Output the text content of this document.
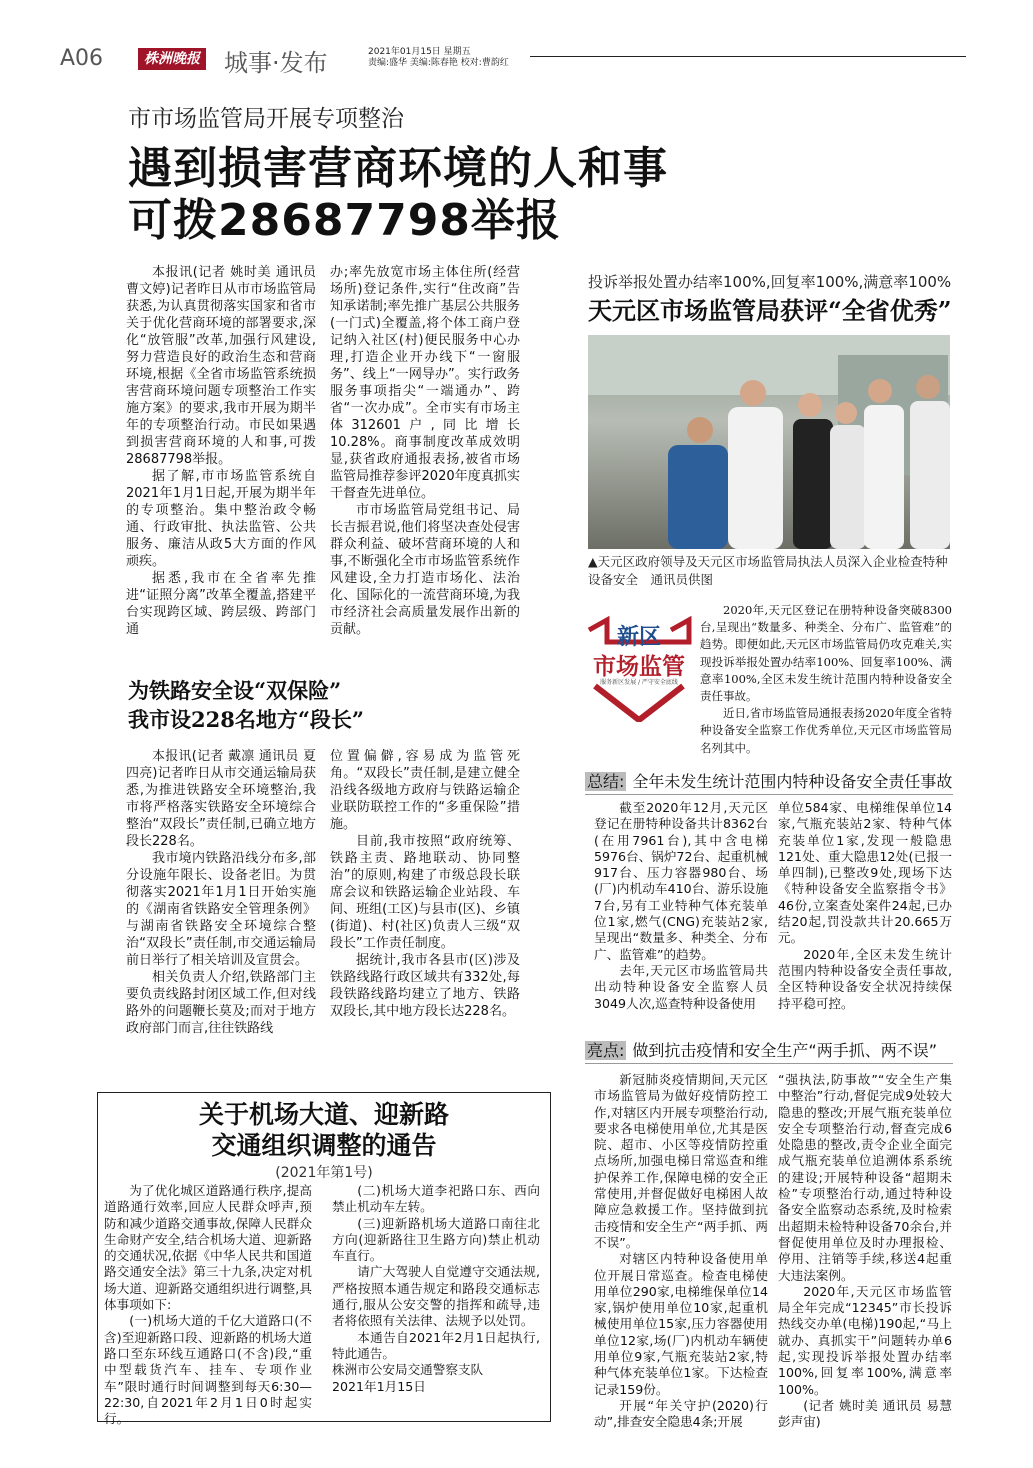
A06	株洲晚报 城事·发布	2021年01月15日 星期五
责编:盛华 美编:陈春艳 校对:曹韵红
市市场监管局开展专项整治
遇到损害营商环境的人和事
可拨28687798举报

本报讯(记者 姚时美 通讯员 曹文婷)记者昨日从市市场监管局获悉,为认真贯彻落实国家和省市关于优化营商环境的部署要求,深化“放管服”改革,加强行风建设,努力营造良好的政治生态和营商环境,根据《全省市场监管系统损害营商环境问题专项整治工作实施方案》的要求,我市开展为期半年的专项整治行动。市民如果遇到损害营商环境的人和事,可拨28687798举报。

据了解,市市场监管系统自2021年1月1日起,开展为期半年的专项整治。集中整治政令畅通、行政审批、执法监管、公共服务、廉洁从政5大方面的作风顽疾。

据悉,我市在全省率先推进“证照分离”改革全覆盖,搭建平台实现跨区域、跨层级、跨部门通

办;率先放宽市场主体住所(经营场所)登记条件,实行“住改商”告知承诺制;率先推广基层公共服务(一门式)全覆盖,将个体工商户登记纳入社区(村)便民服务中心办理,打造企业开办线下“一窗服务”、线上“一网导办”。实行政务服务事项指尖“一端通办”、跨省“一次办成”。全市实有市场主体312601户,同比增长10.28%。商事制度改革成效明显,获省政府通报表扬,被省市场监管局推荐参评2020年度真抓实干督查先进单位。

市市场监管局党组书记、局长吉振君说,他们将坚决查处侵害群众利益、破坏营商环境的人和事,不断强化全市市场监管系统作风建设,全力打造市场化、法治化、国际化的一流营商环境,为我市经济社会高质量发展作出新的贡献。

投诉举报处置办结率100%,回复率100%,满意率100%
天元区市场监管局获评“全省优秀”
▲天元区政府领导及天元区市场监管局执法人员深入企业检查特种设备安全　通讯员供图
新区
市场监管
服务新区发展 / 严守安全底线

2020年,天元区登记在册特种设备突破8300台,呈现出“数量多、种类全、分布广、监管难”的趋势。即便如此,天元区市场监管局仍攻克难关,实现投诉举报处置办结率100%、回复率100%、满意率100%,全区未发生统计范围内特种设备安全责任事故。

近日,省市场监管局通报表扬2020年度全省特种设备安全监察工作优秀单位,天元区市场监管局名列其中。

为铁路安全设“双保险”
我市设228名地方“段长”

本报讯(记者 戴凛 通讯员 夏四亮)记者昨日从市交通运输局获悉,为推进铁路安全环境整治,我市将严格落实铁路安全环境综合整治“双段长”责任制,已确立地方段长228名。

我市境内铁路沿线分布多,部分设施年限长、设备老旧。为贯彻落实2021年1月1日开始实施的《湖南省铁路安全管理条例》与湖南省铁路安全环境综合整治“双段长”责任制,市交通运输局前日举行了相关培训及宣贯会。

相关负责人介绍,铁路部门主要负责线路封闭区域工作,但对线路外的问题鞭长莫及;而对于地方政府部门而言,往往铁路线

位置偏僻,容易成为监管死角。“双段长”责任制,是建立健全沿线各级地方政府与铁路运输企业联防联控工作的“多重保险”措施。

目前,我市按照“政府统筹、铁路主责、路地联动、协同整治”的原则,构建了市级总段长联席会议和铁路运输企业站段、车间、班组(工区)与县市(区)、乡镇(街道)、村(社区)负责人三级“双段长”工作责任制度。

据统计,我市各县市(区)涉及铁路线路行政区域共有332处,每段铁路线路均建立了地方、铁路双段长,其中地方段长达228名。

关于机场大道、迎新路
交通组织调整的通告
(2021年第1号)

为了优化城区道路通行秩序,提高道路通行效率,回应人民群众呼声,预防和减少道路交通事故,保障人民群众生命财产安全,结合机场大道、迎新路的交通状况,依据《中华人民共和国道路交通安全法》第三十九条,决定对机场大道、迎新路交通组织进行调整,具体事项如下:

(一)机场大道的千亿大道路口(不含)至迎新路口段、迎新路的机场大道路口至东环线互通路口(不含)段,“重中型载货汽车、挂车、专项作业车”限时通行时间调整到每天6:30—22:30,自2021年2月1日0时起实行。

(二)机场大道李祀路口东、西向禁止机动车左转。

(三)迎新路机场大道路口南往北方向(迎新路往卫生路方向)禁止机动车直行。

请广大驾驶人自觉遵守交通法规,严格按照本通告规定和路段交通标志通行,服从公安交警的指挥和疏导,违者将依照有关法律、法规予以处罚。

本通告自2021年2月1日起执行,特此通告。

株洲市公安局交通警察支队

2021年1月15日

总结: 全年未发生统计范围内特种设备安全责任事故

截至2020年12月,天元区登记在册特种设备共计8362台(在用7961台),其中含电梯5976台、锅炉72台、起重机械917台、压力容器980台、场(厂)内机动车410台、游乐设施7台,另有工业特种气体充装单位1家,燃气(CNG)充装站2家,呈现出“数量多、种类全、分布广、监管难”的趋势。

去年,天元区市场监管局共出动特种设备安全监察人员3049人次,巡查特种设备使用

单位584家、电梯维保单位14家,气瓶充装站2家、特种气体充装单位1家,发现一般隐患121处、重大隐患12处(已报一单四制),已整改9处,现场下达《特种设备安全监察指令书》46份,立案查处案件24起,已办结20起,罚没款共计20.665万元。

2020年,全区未发生统计范围内特种设备安全责任事故,全区特种设备安全状况持续保持平稳可控。

亮点: 做到抗击疫情和安全生产“两手抓、两不误”

新冠肺炎疫情期间,天元区市场监管局为做好疫情防控工作,对辖区内开展专项整治行动,要求各电梯使用单位,尤其是医院、超市、小区等疫情防控重点场所,加强电梯日常巡查和维护保养工作,保障电梯的安全正常使用,并督促做好电梯困人故障应急救援工作。坚持做到抗击疫情和安全生产“两手抓、两不误”。

对辖区内特种设备使用单位开展日常巡查。检查电梯使用单位290家,电梯维保单位14家,锅炉使用单位10家,起重机械使用单位15家,压力容器使用单位12家,场(厂)内机动车辆使用单位9家,气瓶充装站2家,特种气体充装单位1家。下达检查记录159份。

开展“年关守护(2020)行动”,排查安全隐患4条;开展

“强执法,防事故”“安全生产集中整治”行动,督促完成9处较大隐患的整改;开展气瓶充装单位安全专项整治行动,督查完成6处隐患的整改,责令企业全面完成气瓶充装单位追溯体系系统的建设;开展特种设备“超期未检”专项整治行动,通过特种设备安全监察动态系统,及时检索出超期未检特种设备70余台,并督促使用单位及时办理报检、停用、注销等手续,移送4起重大违法案例。

2020年,天元区市场监管局全年完成“12345”市长投诉热线交办单(电梯)190起,“马上就办、真抓实干”问题转办单6起,实现投诉举报处置办结率100%,回复率100%,满意率100%。

(记者 姚时美 通讯员 易慧 彭声宙)
